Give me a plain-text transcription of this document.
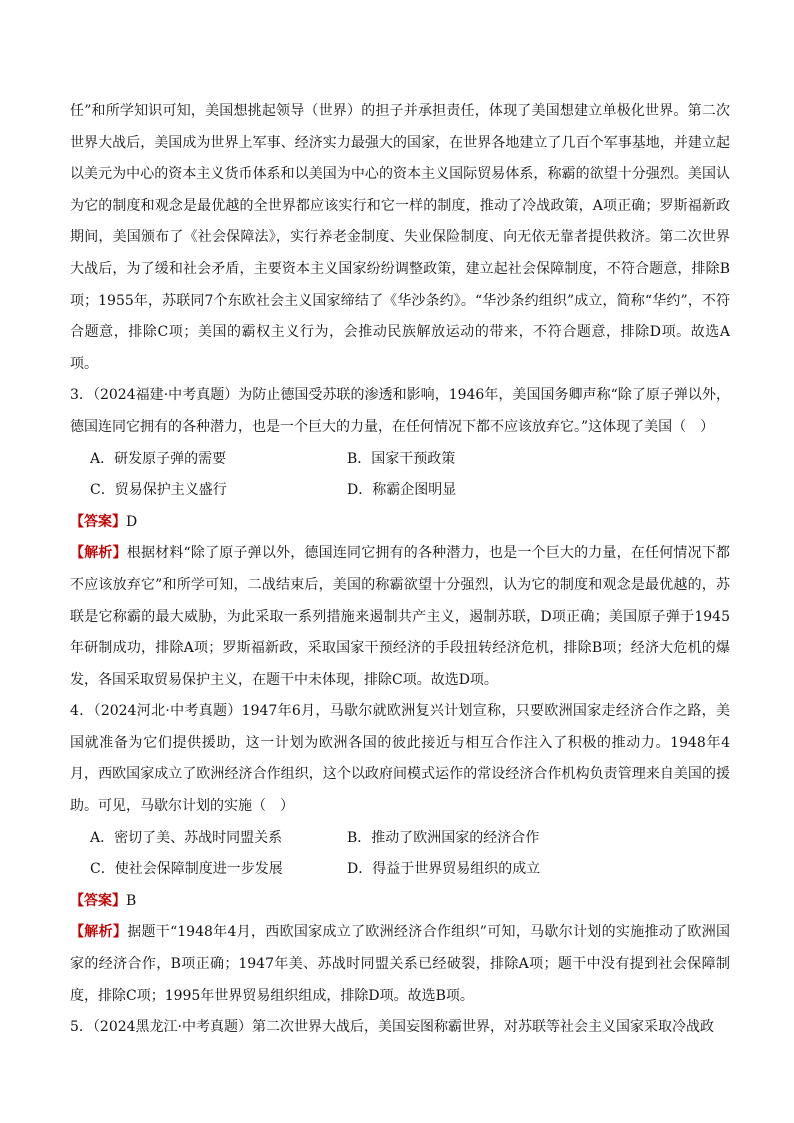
任”和所学知识可知，美国想挑起领导（世界）的担子并承担责任，体现了美国想建立单极化世界。第二次世界大战后，美国成为世界上军事、经济实力最强大的国家，在世界各地建立了几百个军事基地，并建立起以美元为中心的资本主义货币体系和以美国为中心的资本主义国际贸易体系，称霸的欲望十分强烈。美国认为它的制度和观念是最优越的全世界都应该实行和它一样的制度，推动了冷战政策，A项正确；罗斯福新政期间，美国颁布了《社会保障法》，实行养老金制度、失业保险制度、向无依无靠者提供救济。第二次世界大战后，为了缓和社会矛盾，主要资本主义国家纷纷调整政策，建立起社会保障制度，不符合题意，排除B项；1955年，苏联同7个东欧社会主义国家缔结了《华沙条约》。“华沙条约组织”成立，简称“华约”，不符合题意，排除C项；美国的霸权主义行为，会推动民族解放运动的带来，不符合题意，排除D项。故选A项。

3．（2024福建·中考真题）为防止德国受苏联的渗透和影响，1946年，美国国务卿声称“除了原子弹以外，德国连同它拥有的各种潜力，也是一个巨大的力量，在任何情况下都不应该放弃它。”这体现了美国（　）

A．研发原子弹的需要	B．国家干预政策
C．贸易保护主义盛行	D．称霸企图明显

【答案】D

【解析】根据材料“除了原子弹以外，德国连同它拥有的各种潜力，也是一个巨大的力量，在任何情况下都不应该放弃它”和所学可知，二战结束后，美国的称霸欲望十分强烈，认为它的制度和观念是最优越的，苏联是它称霸的最大威胁，为此采取一系列措施来遏制共产主义，遏制苏联，D项正确；美国原子弹于1945年研制成功，排除A项；罗斯福新政，采取国家干预经济的手段扭转经济危机，排除B项；经济大危机的爆发，各国采取贸易保护主义，在题干中未体现，排除C项。故选D项。

4．（2024河北·中考真题）1947年6月，马歇尔就欧洲复兴计划宣称，只要欧洲国家走经济合作之路，美国就准备为它们提供援助，这一计划为欧洲各国的彼此接近与相互合作注入了积极的推动力。1948年4月，西欧国家成立了欧洲经济合作组织，这个以政府间模式运作的常设经济合作机构负责管理来自美国的援助。可见，马歇尔计划的实施（　）

A．密切了美、苏战时同盟关系	B．推动了欧洲国家的经济合作
C．使社会保障制度进一步发展	D．得益于世界贸易组织的成立

【答案】B

【解析】据题干“1948年4月，西欧国家成立了欧洲经济合作组织”可知，马歇尔计划的实施推动了欧洲国家的经济合作，B项正确；1947年美、苏战时同盟关系已经破裂，排除A项；题干中没有提到社会保障制度，排除C项；1995年世界贸易组织组成，排除D项。故选B项。

5．（2024黑龙江·中考真题）第二次世界大战后，美国妄图称霸世界，对苏联等社会主义国家采取冷战政
